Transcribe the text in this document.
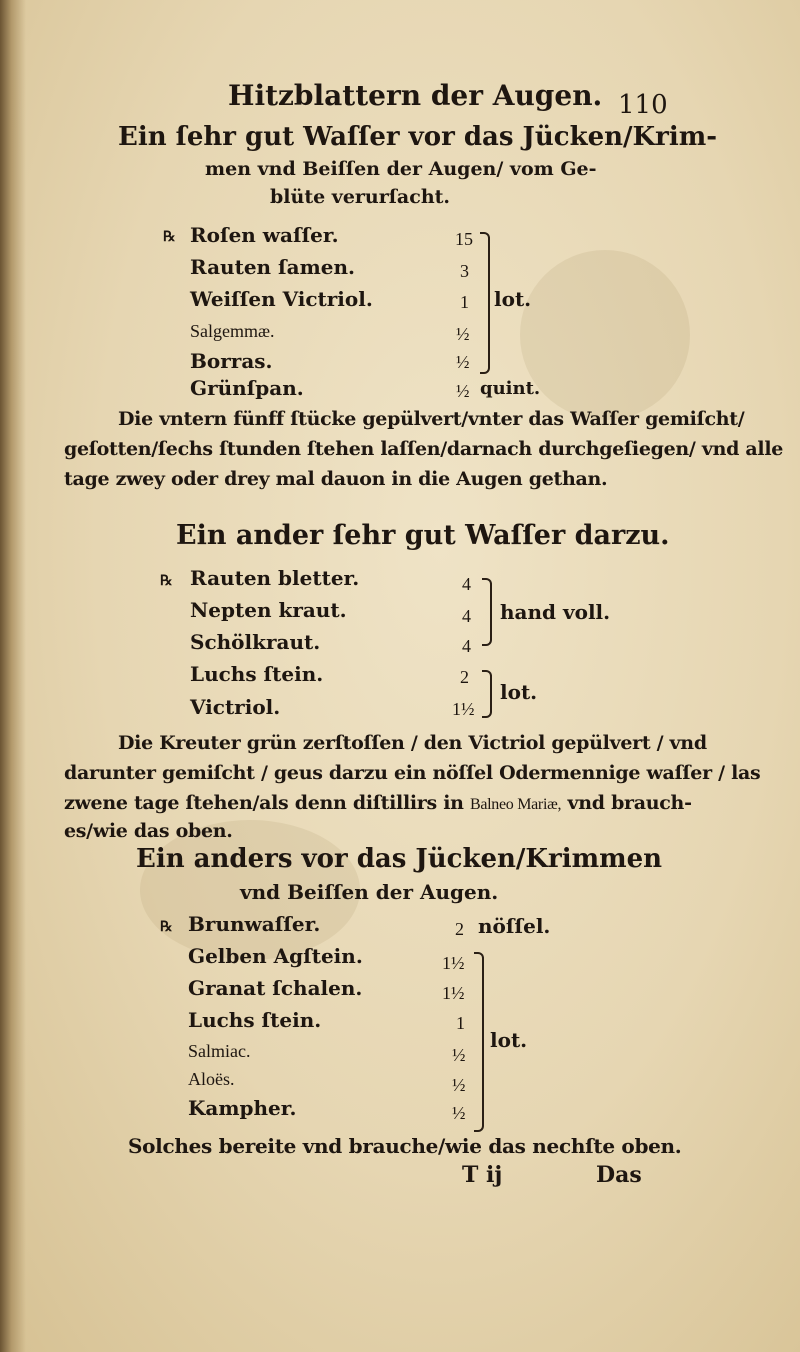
Hitzblattern der Augen. 110
Ein ſehr gut Waſſer vor das Jücken/Krim-
men vnd Beiſſen der Augen/ vom Ge-
blüte verurſacht.
℞ Roſen waſſer.
Rauten ſamen.
Weiſſen Victriol.
Salgemmæ.
Borras.
Grünſpan.
15
3
1
½
½
½
lot.
quint.
Die vntern fünff ſtücke gepülvert/vnter das Waſſer gemiſcht/
geſotten/ſechs ſtunden ſtehen laſſen/darnach durchgeſiegen/ vnd alle
tage zwey oder drey mal dauon in die Augen gethan.
Ein ander ſehr gut Waſſer darzu.
℞ Rauten bletter.
Nepten kraut.
Schölkraut.
Luchs ſtein.
Victriol.
4
4
4
2
1½
hand voll.
lot.
Die Kreuter grün zerſtoſſen / den Victriol gepülvert / vnd
darunter gemiſcht / geus darzu ein nöſſel Odermennige waſſer / las
zwene tage ſtehen/als denn diſtillirs in Balneo Mariæ, vnd brauch-
es/wie das oben.
Ein anders vor das Jücken/Krimmen
vnd Beiſſen der Augen.
℞ Brunwaſſer.	2 nöſſel.
Gelben Agſtein.
Granat ſchalen.
Luchs ſtein.
Salmiac.
Aloës.
Kampher.
1½
1½
1
½
½
½
lot.
Solches bereite vnd brauche/wie das nechſte oben.
T ij	Das
